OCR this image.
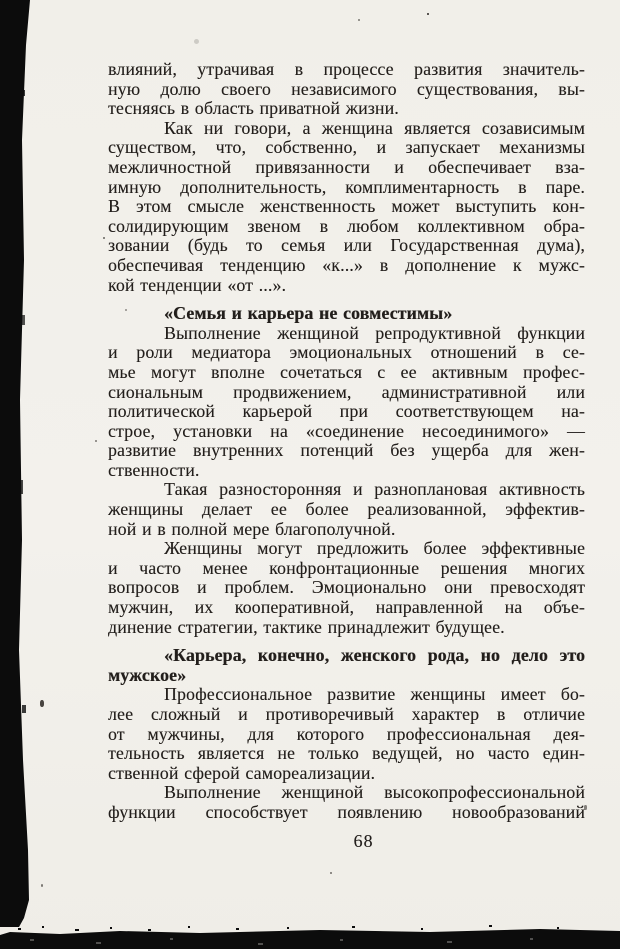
влияний, утрачивая в процессе развития значитель-
ную долю своего независимого существования, вы-
тесняясь в область приватной жизни.
Как ни говори, а женщина является созависимым
существом, что, собственно, и запускает механизмы
межличностной привязанности и обеспечивает вза-
имную дополнительность, комплиментарность в паре.
В этом смысле женственность может выступить кон-
солидирующим звеном в любом коллективном обра-
зовании (будь то семья или Государственная дума),
обеспечивая тенденцию «к...» в дополнение к мужс-
кой тенденции «от ...».
«Семья и карьера не совместимы»
Выполнение женщиной репродуктивной функции
и роли медиатора эмоциональных отношений в се-
мье могут вполне сочетаться с ее активным профес-
сиональным продвижением, административной или
политической карьерой при соответствующем на-
строе, установки на «соединение несоединимого» —
развитие внутренних потенций без ущерба для жен-
ственности.
Такая разносторонняя и разноплановая активность
женщины делает ее более реализованной, эффектив-
ной и в полной мере благополучной.
Женщины могут предложить более эффективные
и часто менее конфронтационные решения многих
вопросов и проблем. Эмоционально они превосходят
мужчин, их кооперативной, направленной на объе-
динение стратегии, тактике принадлежит будущее.
«Карьера, конечно, женского рода, но дело это
мужское»
Профессиональное развитие женщины имеет бо-
лее сложный и противоречивый характер в отличие
от мужчины, для которого профессиональная дея-
тельность является не только ведущей, но часто един-
ственной сферой самореализации.
Выполнение женщиной высокопрофессиональной
функции способствует появлению новообразований
68
